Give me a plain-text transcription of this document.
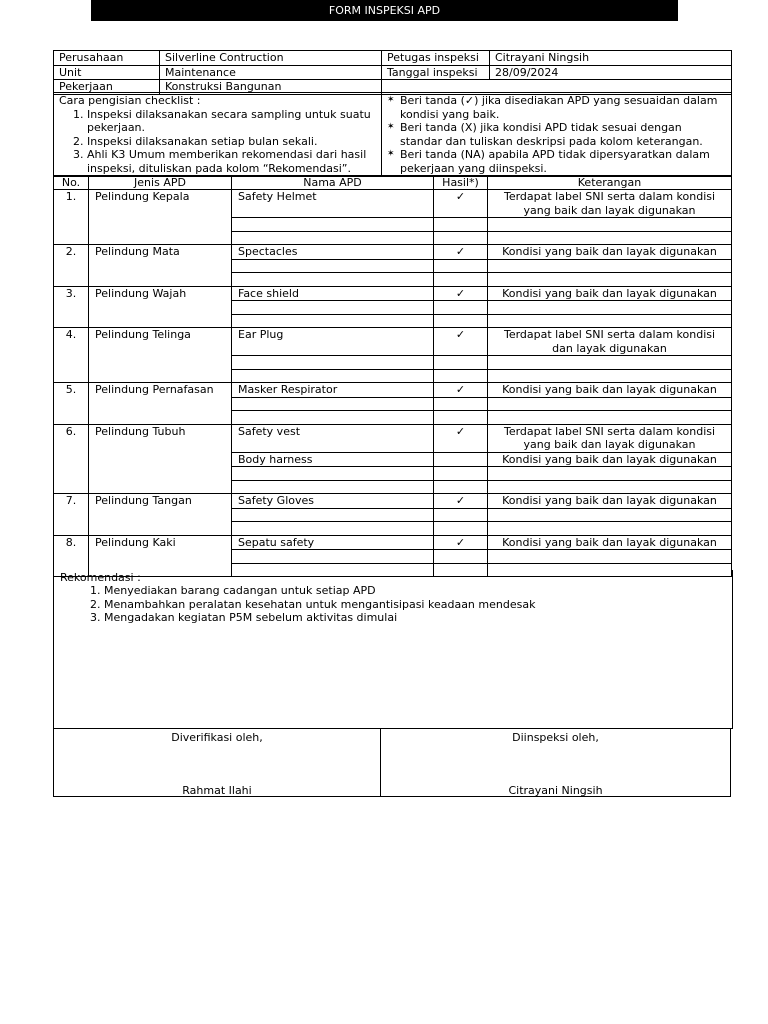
FORM INSPEKSI APD
Perusahaan	Silverline Contruction	Petugas inspeksi	Citrayani Ningsih
Unit	Maintenance	Tanggal inspeksi	28/09/2024
Pekerjaan	Konstruksi Bangunan		
Cara pengisian checklist :
1. Inspeksi dilaksanakan secara sampling untuk suatu pekerjaan.
2. Inspeksi dilaksanakan setiap bulan sekali.
3. Ahli K3 Umum memberikan rekomendasi dari hasil inspeksi, dituliskan pada kolom “Rekomendasi”.

✶ Beri tanda (✓) jika disediakan APD yang sesuaidan dalam kondisi yang baik.
✶ Beri tanda (X) jika kondisi APD tidak sesuai dengan standar dan tuliskan deskripsi pada kolom keterangan.
✶ Beri tanda (NA) apabila APD tidak dipersyaratkan dalam pekerjaan yang diinspeksi.
No.	Jenis APD	Nama APD	Hasil*)	Keterangan
1.	Pelindung Kepala	Safety Helmet	✓	Terdapat label SNI serta dalam kondisi yang baik dan layak digunakan

2.	Pelindung Mata	Spectacles	✓	Kondisi yang baik dan layak digunakan

3.	Pelindung Wajah	Face shield	✓	Kondisi yang baik dan layak digunakan

4.	Pelindung Telinga	Ear Plug	✓	Terdapat label SNI serta dalam kondisi dan layak digunakan

5.	Pelindung Pernafasan	Masker Respirator	✓	Kondisi yang baik dan layak digunakan

6.	Pelindung Tubuh	Safety vest	✓	Terdapat label SNI serta dalam kondisi yang baik dan layak digunakan
		Body harness		Kondisi yang baik dan layak digunakan

7.	Pelindung Tangan	Safety Gloves	✓	Kondisi yang baik dan layak digunakan

8.	Pelindung Kaki	Sepatu safety	✓	Kondisi yang baik dan layak digunakan

Rekomendasi :
1. Menyediakan barang cadangan untuk setiap APD
2. Menambahkan peralatan kesehatan untuk mengantisipasi keadaan mendesak
3. Mengadakan kegiatan P5M sebelum aktivitas dimulai
Diverifikasi oleh,
Rahmat Ilahi
Diinspeksi oleh,
Citrayani Ningsih
